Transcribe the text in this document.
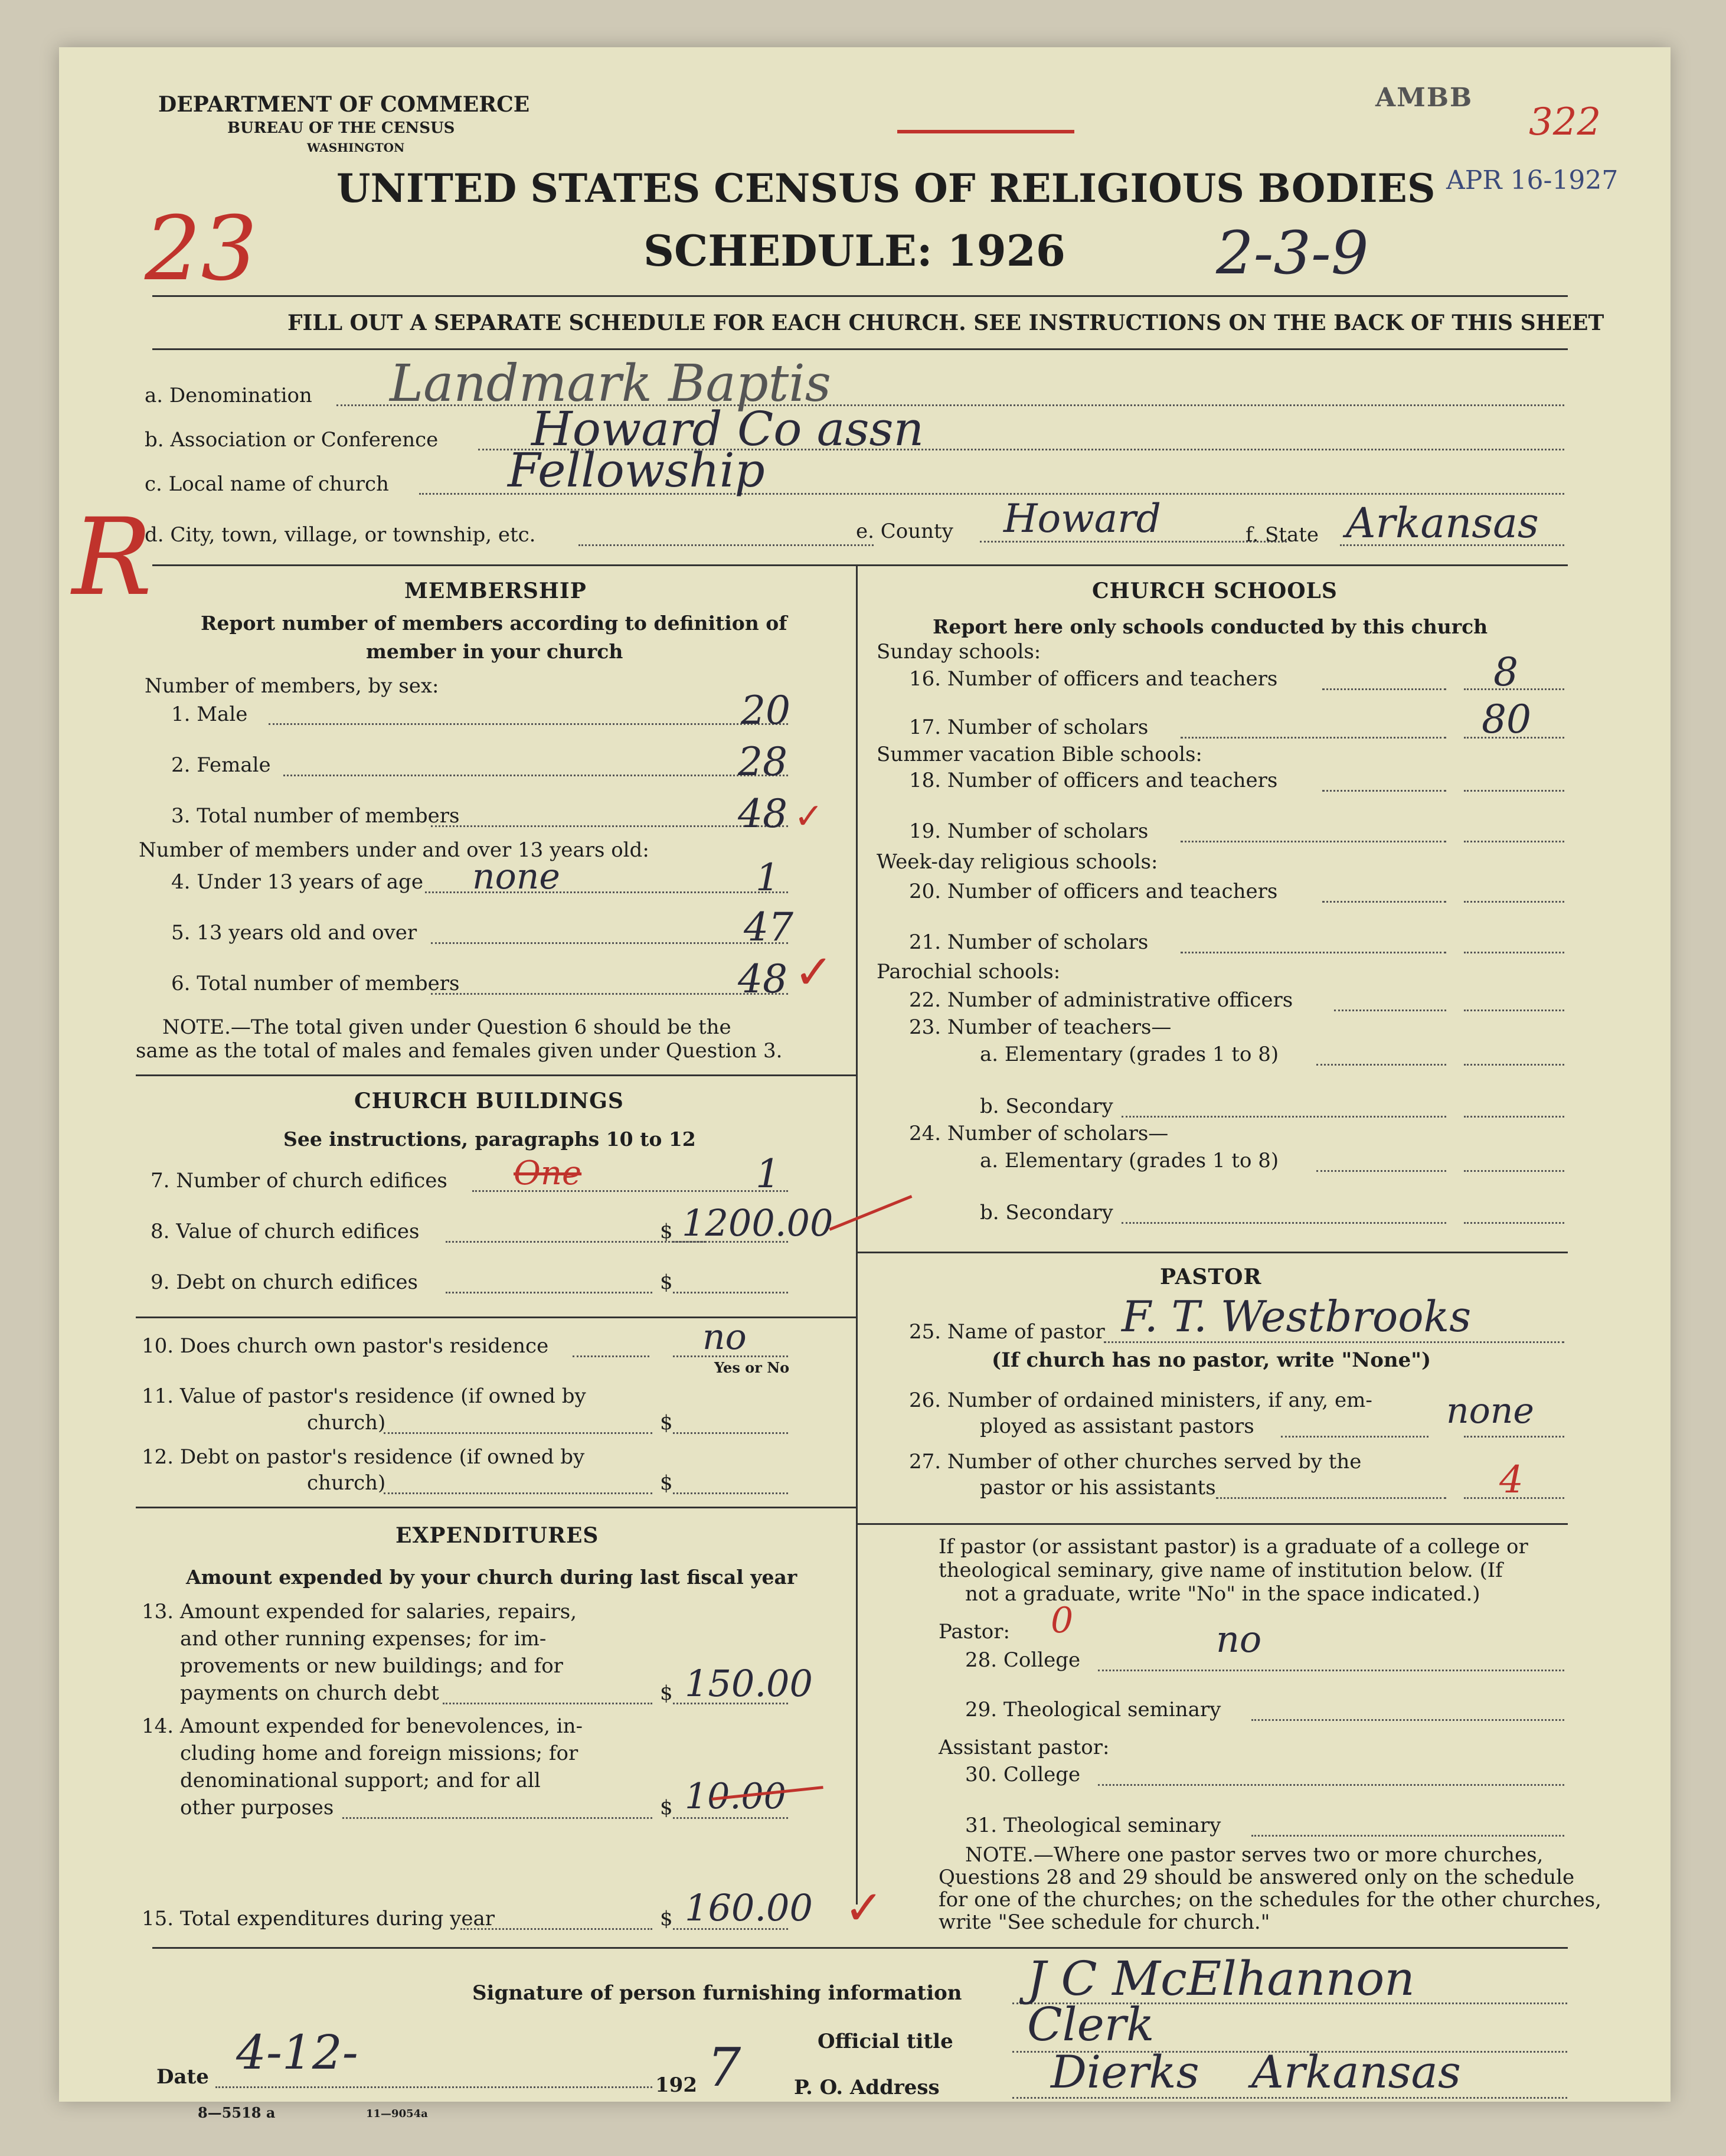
DEPARTMENT OF COMMERCE
BUREAU OF THE CENSUS
WASHINGTON
UNITED STATES CENSUS OF RELIGIOUS BODIES
SCHEDULE: 1926
AMBB
322
APR 16-1927
23	2-3-9
R
FILL OUT A SEPARATE SCHEDULE FOR EACH CHURCH. SEE INSTRUCTIONS ON THE BACK OF THIS SHEET
a. Denomination Landmark Baptis
b. Association or Conference Howard Co assn
c. Local name of church	Fellowship
d. City, town, village, or township, etc.	e. County Howard	f. State Arkansas
MEMBERSHIP
Report number of members according to definition of
member in your church
Number of members, by sex:
1. Male	20
2. Female	28
3. Total number of members	48 ✓
Number of members under and over 13 years old:
4. Under 13 years of age none	1
5. 13 years old and over	47
6. Total number of members	48 ✓
NOTE.—The total given under Question 6 should be the
same as the total of males and females given under Question 3.
CHURCH BUILDINGS
See instructions, paragraphs 10 to 12
7. Number of church edifices One	1
8. Value of church edifices	$ 1200.00
9. Debt on church edifices	$
10. Does church own pastor's residence	no
Yes or No
11. Value of pastor's residence (if owned by
church)	$
12. Debt on pastor's residence (if owned by
church)	$
EXPENDITURES
Amount expended by your church during last fiscal year
13. Amount expended for salaries, repairs,
and other running expenses; for im-
provements or new buildings; and for
payments on church debt	$ 150.00
14. Amount expended for benevolences, in-
cluding home and foreign missions; for
denominational support; and for all
other purposes	$ 10.00
15. Total expenditures during year	$ 160.00 ✓
CHURCH SCHOOLS
Report here only schools conducted by this church
Sunday schools:
16. Number of officers and teachers	8
17. Number of scholars	80
Summer vacation Bible schools:
18. Number of officers and teachers
19. Number of scholars
Week-day religious schools:
20. Number of officers and teachers
21. Number of scholars
Parochial schools:
22. Number of administrative officers
23. Number of teachers—
a. Elementary (grades 1 to 8)
b. Secondary
24. Number of scholars—
a. Elementary (grades 1 to 8)
b. Secondary
PASTOR
25. Name of pastor F. T. Westbrooks
(If church has no pastor, write "None")
26. Number of ordained ministers, if any, em-
ployed as assistant pastors	none
27. Number of other churches served by the
pastor or his assistants	4
If pastor (or assistant pastor) is a graduate of a college or
theological seminary, give name of institution below. (If
not a graduate, write "No" in the space indicated.)
Pastor: 0
28. College	no
29. Theological seminary
Assistant pastor:
30. College
31. Theological seminary
NOTE.—Where one pastor serves two or more churches,
Questions 28 and 29 should be answered only on the schedule
for one of the churches; on the schedules for the other churches,
write "See schedule for church."
Signature of person furnishing information J C McElhannon
Official title Clerk
Date 4-12-
192 7	P. O. Address Dierks Arkansas
8—5518 a	11—9054a
